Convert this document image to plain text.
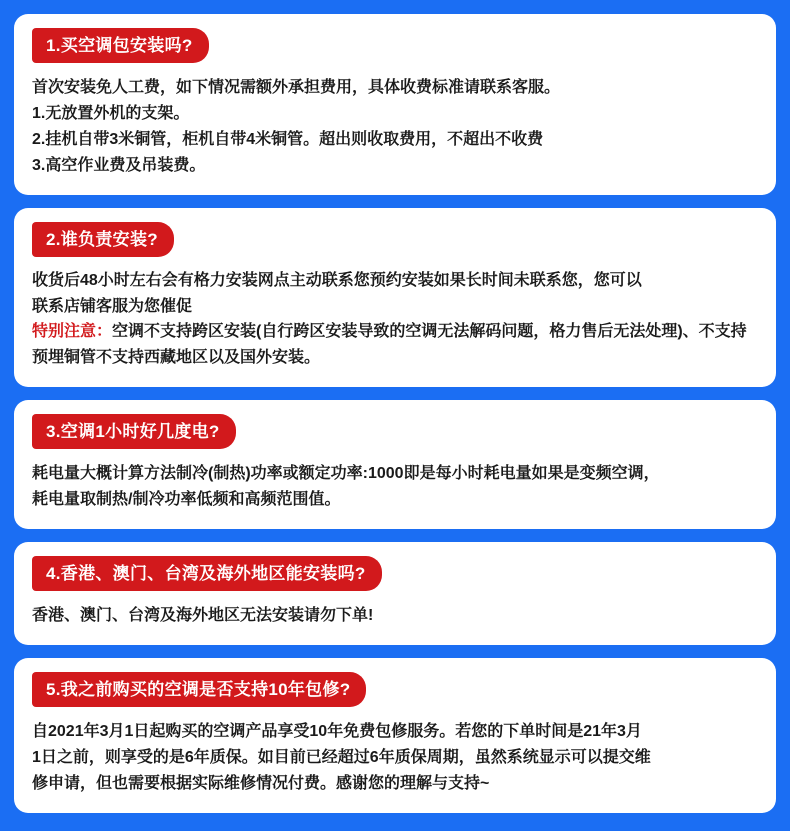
1.买空调包安装吗?

首次安装免人工费，如下情况需额外承担费用，具体收费标准请联系客服。

1.无放置外机的支架。

2.挂机自带3米铜管，柜机自带4米铜管。超出则收取费用，不超出不收费

3.高空作业费及吊装费。

2.谁负责安装?

收货后48小时左右会有格力安装网点主动联系您预约安装如果长时间未联系您，您可以

联系店铺客服为您催促

特别注意：空调不支持跨区安装(自行跨区安装导致的空调无法解码问题，格力售后无法处理)、不支持预埋铜管不支持西藏地区以及国外安装。

3.空调1小时好几度电?

耗电量大概计算方法制冷(制热)功率或额定功率:1000即是每小时耗电量如果是变频空调，

耗电量取制热/制冷功率低频和高频范围值。

4.香港、澳门、台湾及海外地区能安装吗?

香港、澳门、台湾及海外地区无法安装请勿下单!

5.我之前购买的空调是否支持10年包修?

自2021年3月1日起购买的空调产品享受10年免费包修服务。若您的下单时间是21年3月

1日之前，则享受的是6年质保。如目前已经超过6年质保周期，虽然系统显示可以提交维

修申请，但也需要根据实际维修情况付费。感谢您的理解与支持~
